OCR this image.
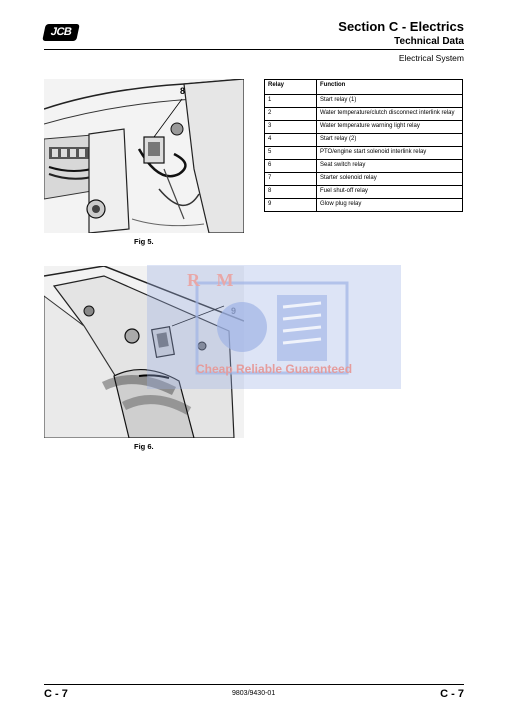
JCB	Section C - Electrics
Technical Data
Electrical System
8
Fig 5.
Relay	Function
1	Start relay (1)
2	Water temperature/clutch disconnect interlink relay
3	Water temperature warning light relay
4	Start relay (2)
5	PTO/engine start solenoid interlink relay
6	Seat switch relay
7	Starter solenoid relay
8	Fuel shut-off relay
9	Glow plug relay
Fig 6.
R M
Cheap Reliable Guaranteed
C - 7	9803/9430-01	C - 7
